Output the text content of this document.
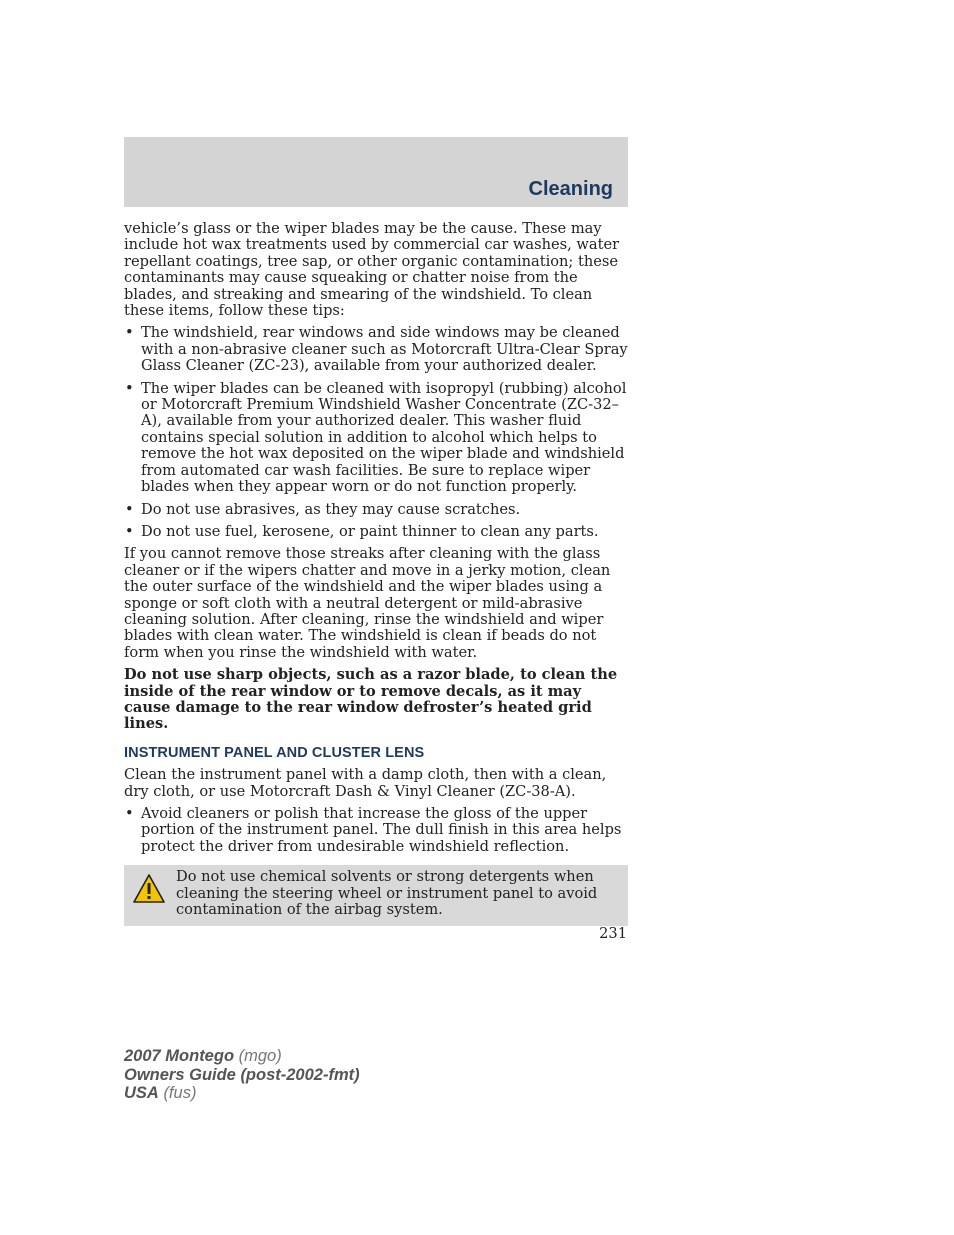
Cleaning

vehicle’s glass or the wiper blades may be the cause. These may include hot wax treatments used by commercial car washes, water repellant coatings, tree sap, or other organic contamination; these contaminants may cause squeaking or chatter noise from the blades, and streaking and smearing of the windshield. To clean these items, follow these tips:

• The windshield, rear windows and side windows may be cleaned with a non-abrasive cleaner such as Motorcraft Ultra-Clear Spray Glass Cleaner (ZC-23), available from your authorized dealer.
• The wiper blades can be cleaned with isopropyl (rubbing) alcohol or Motorcraft Premium Windshield Washer Concentrate (ZC-32–A), available from your authorized dealer. This washer fluid contains special solution in addition to alcohol which helps to remove the hot wax deposited on the wiper blade and windshield from automated car wash facilities. Be sure to replace wiper blades when they appear worn or do not function properly.
• Do not use abrasives, as they may cause scratches.
• Do not use fuel, kerosene, or paint thinner to clean any parts.

If you cannot remove those streaks after cleaning with the glass cleaner or if the wipers chatter and move in a jerky motion, clean the outer surface of the windshield and the wiper blades using a sponge or soft cloth with a neutral detergent or mild-abrasive cleaning solution. After cleaning, rinse the windshield and wiper blades with clean water. The windshield is clean if beads do not form when you rinse the windshield with water.

Do not use sharp objects, such as a razor blade, to clean the inside of the rear window or to remove decals, as it may cause damage to the rear window defroster’s heated grid lines.

INSTRUMENT PANEL AND CLUSTER LENS

Clean the instrument panel with a damp cloth, then with a clean, dry cloth, or use Motorcraft Dash & Vinyl Cleaner (ZC-38-A).

• Avoid cleaners or polish that increase the gloss of the upper portion of the instrument panel. The dull finish in this area helps protect the driver from undesirable windshield reflection.
Do not use chemical solvents or strong detergents when cleaning the steering wheel or instrument panel to avoid contamination of the airbag system.
231
2007 Montego (mgo)
Owners Guide (post-2002-fmt)
USA (fus)
